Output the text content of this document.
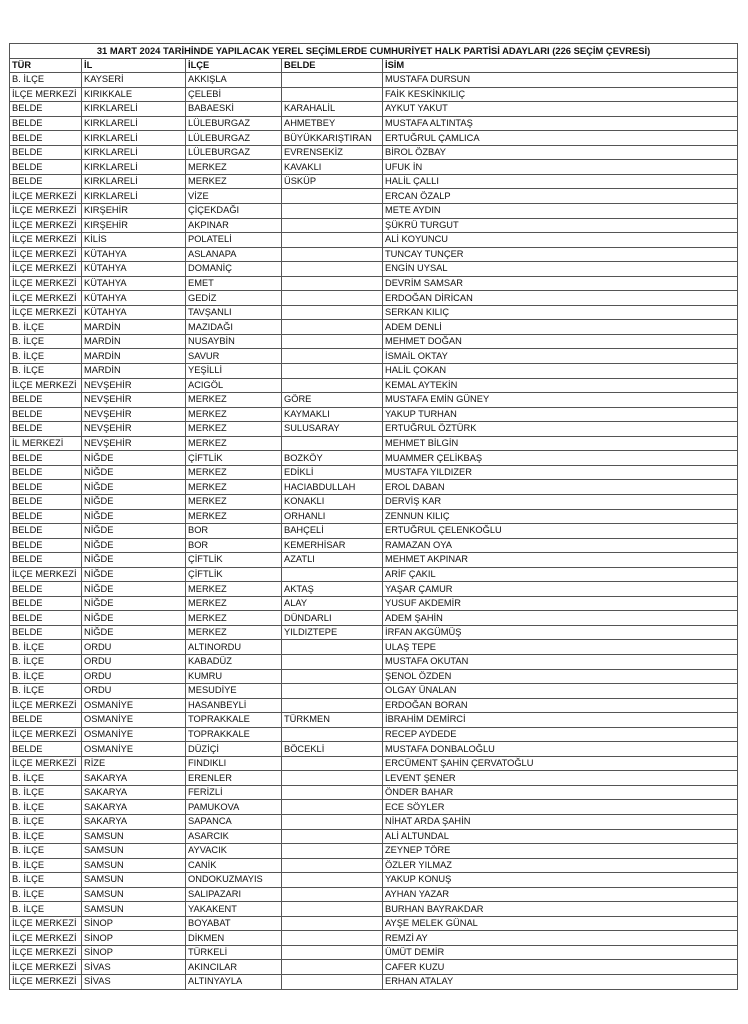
31 MART 2024 TARİHİNDE YAPILACAK YEREL SEÇİMLERDE CUMHURİYET HALK PARTİSİ ADAYLARI (226 SEÇİM ÇEVRESİ)				
TÜR	İL	İLÇE	BELDE	İSİM
B. İLÇE	KAYSERİ	AKKIŞLA		MUSTAFA DURSUN
İLÇE MERKEZİ	KIRIKKALE	ÇELEBİ		FAİK KESKİNKILIÇ
BELDE	KIRKLARELİ	BABAESKİ	KARAHALİL	AYKUT YAKUT
BELDE	KIRKLARELİ	LÜLEBURGAZ	AHMETBEY	MUSTAFA ALTINTAŞ
BELDE	KIRKLARELİ	LÜLEBURGAZ	BÜYÜKKARIŞTIRAN	ERTUĞRUL ÇAMLICA
BELDE	KIRKLARELİ	LÜLEBURGAZ	EVRENSEKİZ	BİROL ÖZBAY
BELDE	KIRKLARELİ	MERKEZ	KAVAKLI	UFUK İN
BELDE	KIRKLARELİ	MERKEZ	ÜSKÜP	HALİL ÇALLI
İLÇE MERKEZİ	KIRKLARELİ	VİZE		ERCAN ÖZALP
İLÇE MERKEZİ	KIRŞEHİR	ÇİÇEKDAĞI		METE AYDIN
İLÇE MERKEZİ	KIRŞEHİR	AKPINAR		ŞÜKRÜ TURGUT
İLÇE MERKEZİ	KİLİS	POLATELİ		ALİ KOYUNCU
İLÇE MERKEZİ	KÜTAHYA	ASLANAPA		TUNCAY TUNÇER
İLÇE MERKEZİ	KÜTAHYA	DOMANİÇ		ENGİN UYSAL
İLÇE MERKEZİ	KÜTAHYA	EMET		DEVRİM SAMSAR
İLÇE MERKEZİ	KÜTAHYA	GEDİZ		ERDOĞAN DİRİCAN
İLÇE MERKEZİ	KÜTAHYA	TAVŞANLI		SERKAN KILIÇ
B. İLÇE	MARDİN	MAZIDAĞI		ADEM DENLİ
B. İLÇE	MARDİN	NUSAYBİN		MEHMET DOĞAN
B. İLÇE	MARDİN	SAVUR		İSMAİL OKTAY
B. İLÇE	MARDİN	YEŞİLLİ		HALİL ÇOKAN
İLÇE MERKEZİ	NEVŞEHİR	ACIGÖL		KEMAL AYTEKİN
BELDE	NEVŞEHİR	MERKEZ	GÖRE	MUSTAFA EMİN GÜNEY
BELDE	NEVŞEHİR	MERKEZ	KAYMAKLI	YAKUP TURHAN
BELDE	NEVŞEHİR	MERKEZ	SULUSARAY	ERTUĞRUL ÖZTÜRK
İL MERKEZİ	NEVŞEHİR	MERKEZ		MEHMET BİLGİN
BELDE	NİĞDE	ÇİFTLİK	BOZKÖY	MUAMMER ÇELİKBAŞ
BELDE	NİĞDE	MERKEZ	EDİKLİ	MUSTAFA YILDIZER
BELDE	NİĞDE	MERKEZ	HACIABDULLAH	EROL DABAN
BELDE	NİĞDE	MERKEZ	KONAKLI	DERVİŞ KAR
BELDE	NİĞDE	MERKEZ	ORHANLI	ZENNUN KILIÇ
BELDE	NİĞDE	BOR	BAHÇELİ	ERTUĞRUL ÇELENKOĞLU
BELDE	NİĞDE	BOR	KEMERHİSAR	RAMAZAN OYA
BELDE	NİĞDE	ÇİFTLİK	AZATLI	MEHMET AKPINAR
İLÇE MERKEZİ	NİĞDE	ÇİFTLİK		ARİF ÇAKIL
BELDE	NİĞDE	MERKEZ	AKTAŞ	YAŞAR ÇAMUR
BELDE	NİĞDE	MERKEZ	ALAY	YUSUF AKDEMİR
BELDE	NİĞDE	MERKEZ	DÜNDARLI	ADEM ŞAHİN
BELDE	NİĞDE	MERKEZ	YILDIZTEPE	İRFAN AKGÜMÜŞ
B. İLÇE	ORDU	ALTINORDU		ULAŞ TEPE
B. İLÇE	ORDU	KABADÜZ		MUSTAFA OKUTAN
B. İLÇE	ORDU	KUMRU		ŞENOL ÖZDEN
B. İLÇE	ORDU	MESUDİYE		OLGAY ÜNALAN
İLÇE MERKEZİ	OSMANİYE	HASANBEYLİ		ERDOĞAN BORAN
BELDE	OSMANİYE	TOPRAKKALE	TÜRKMEN	İBRAHİM DEMİRCİ
İLÇE MERKEZİ	OSMANİYE	TOPRAKKALE		RECEP AYDEDE
BELDE	OSMANİYE	DÜZİÇİ	BÖCEKLİ	MUSTAFA DONBALOĞLU
İLÇE MERKEZİ	RİZE	FINDIKLI		ERCÜMENT ŞAHİN ÇERVATOĞLU
B. İLÇE	SAKARYA	ERENLER		LEVENT ŞENER
B. İLÇE	SAKARYA	FERİZLİ		ÖNDER BAHAR
B. İLÇE	SAKARYA	PAMUKOVA		ECE SÖYLER
B. İLÇE	SAKARYA	SAPANCA		NİHAT ARDA ŞAHİN
B. İLÇE	SAMSUN	ASARCIK		ALİ ALTUNDAL
B. İLÇE	SAMSUN	AYVACIK		ZEYNEP TÖRE
B. İLÇE	SAMSUN	CANİK		ÖZLER YILMAZ
B. İLÇE	SAMSUN	ONDOKUZMAYIS		YAKUP KONUŞ
B. İLÇE	SAMSUN	SALIPAZARI		AYHAN YAZAR
B. İLÇE	SAMSUN	YAKAKENT		BURHAN BAYRAKDAR
İLÇE MERKEZİ	SİNOP	BOYABAT		AYŞE MELEK GÜNAL
İLÇE MERKEZİ	SİNOP	DİKMEN		REMZİ AY
İLÇE MERKEZİ	SİNOP	TÜRKELİ		ÜMÜT DEMİR
İLÇE MERKEZİ	SİVAS	AKINCILAR		CAFER KUZU
İLÇE MERKEZİ	SİVAS	ALTINYAYLA		ERHAN ATALAY
